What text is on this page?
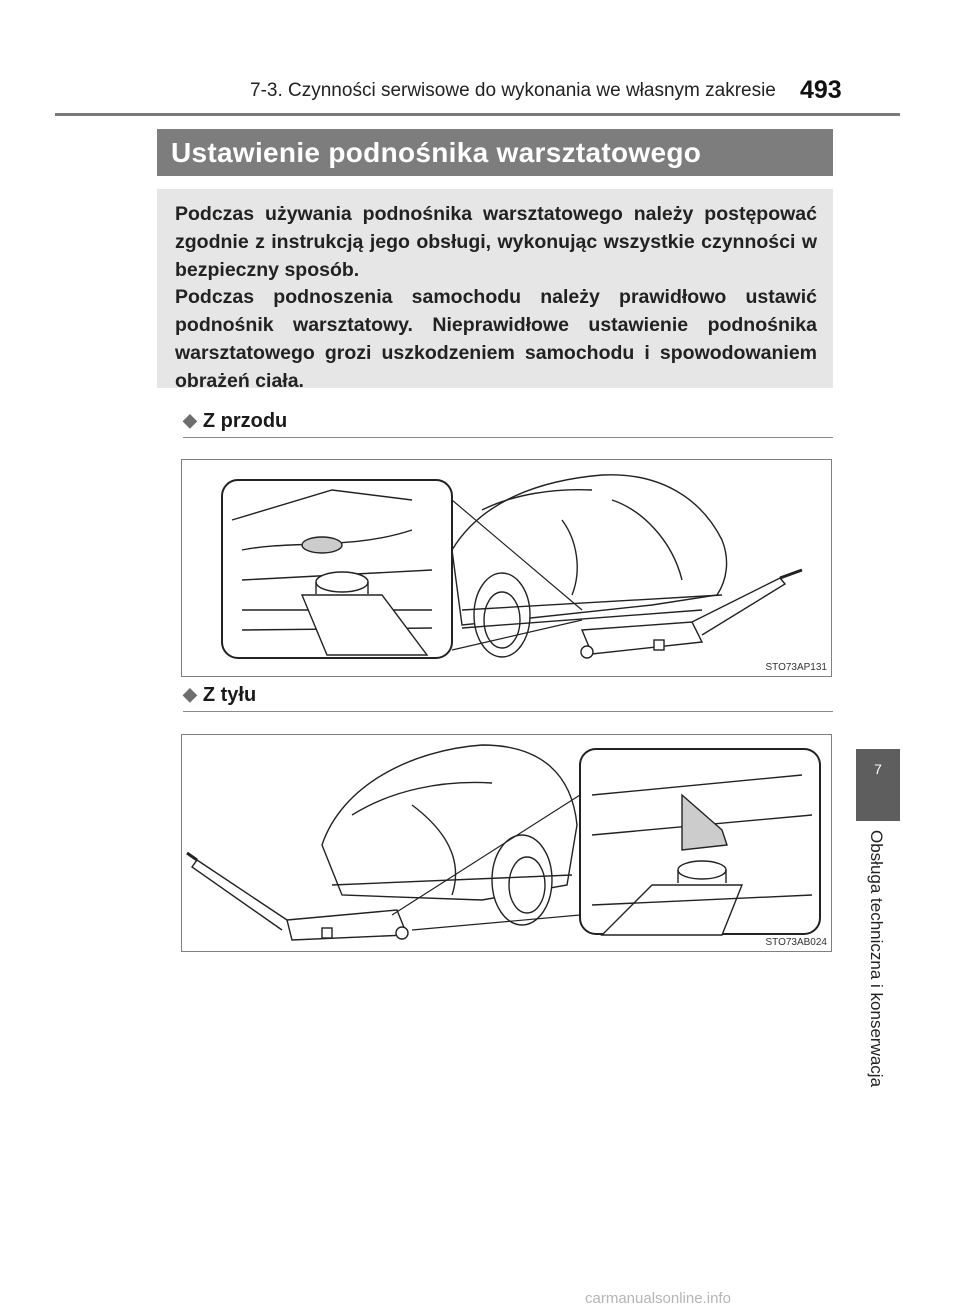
7-3. Czynności serwisowe do wykonania we własnym zakresie 493
Ustawienie podnośnika warsztatowego

Podczas używania podnośnika warsztatowego należy postępować zgodnie z instrukcją jego obsługi, wykonując wszystkie czynności w bezpieczny sposób.

Podczas podnoszenia samochodu należy prawidłowo ustawić podnośnik warsztatowy. Nieprawidłowe ustawienie podnośnika warsztatowego grozi uszkodzeniem samochodu i spowodowaniem obrażeń ciała.

◆ Z przodu
STO73AP131
◆ Z tyłu
STO73AB024
7
Obsługa techniczna i konserwacja
carmanualsonline.info
